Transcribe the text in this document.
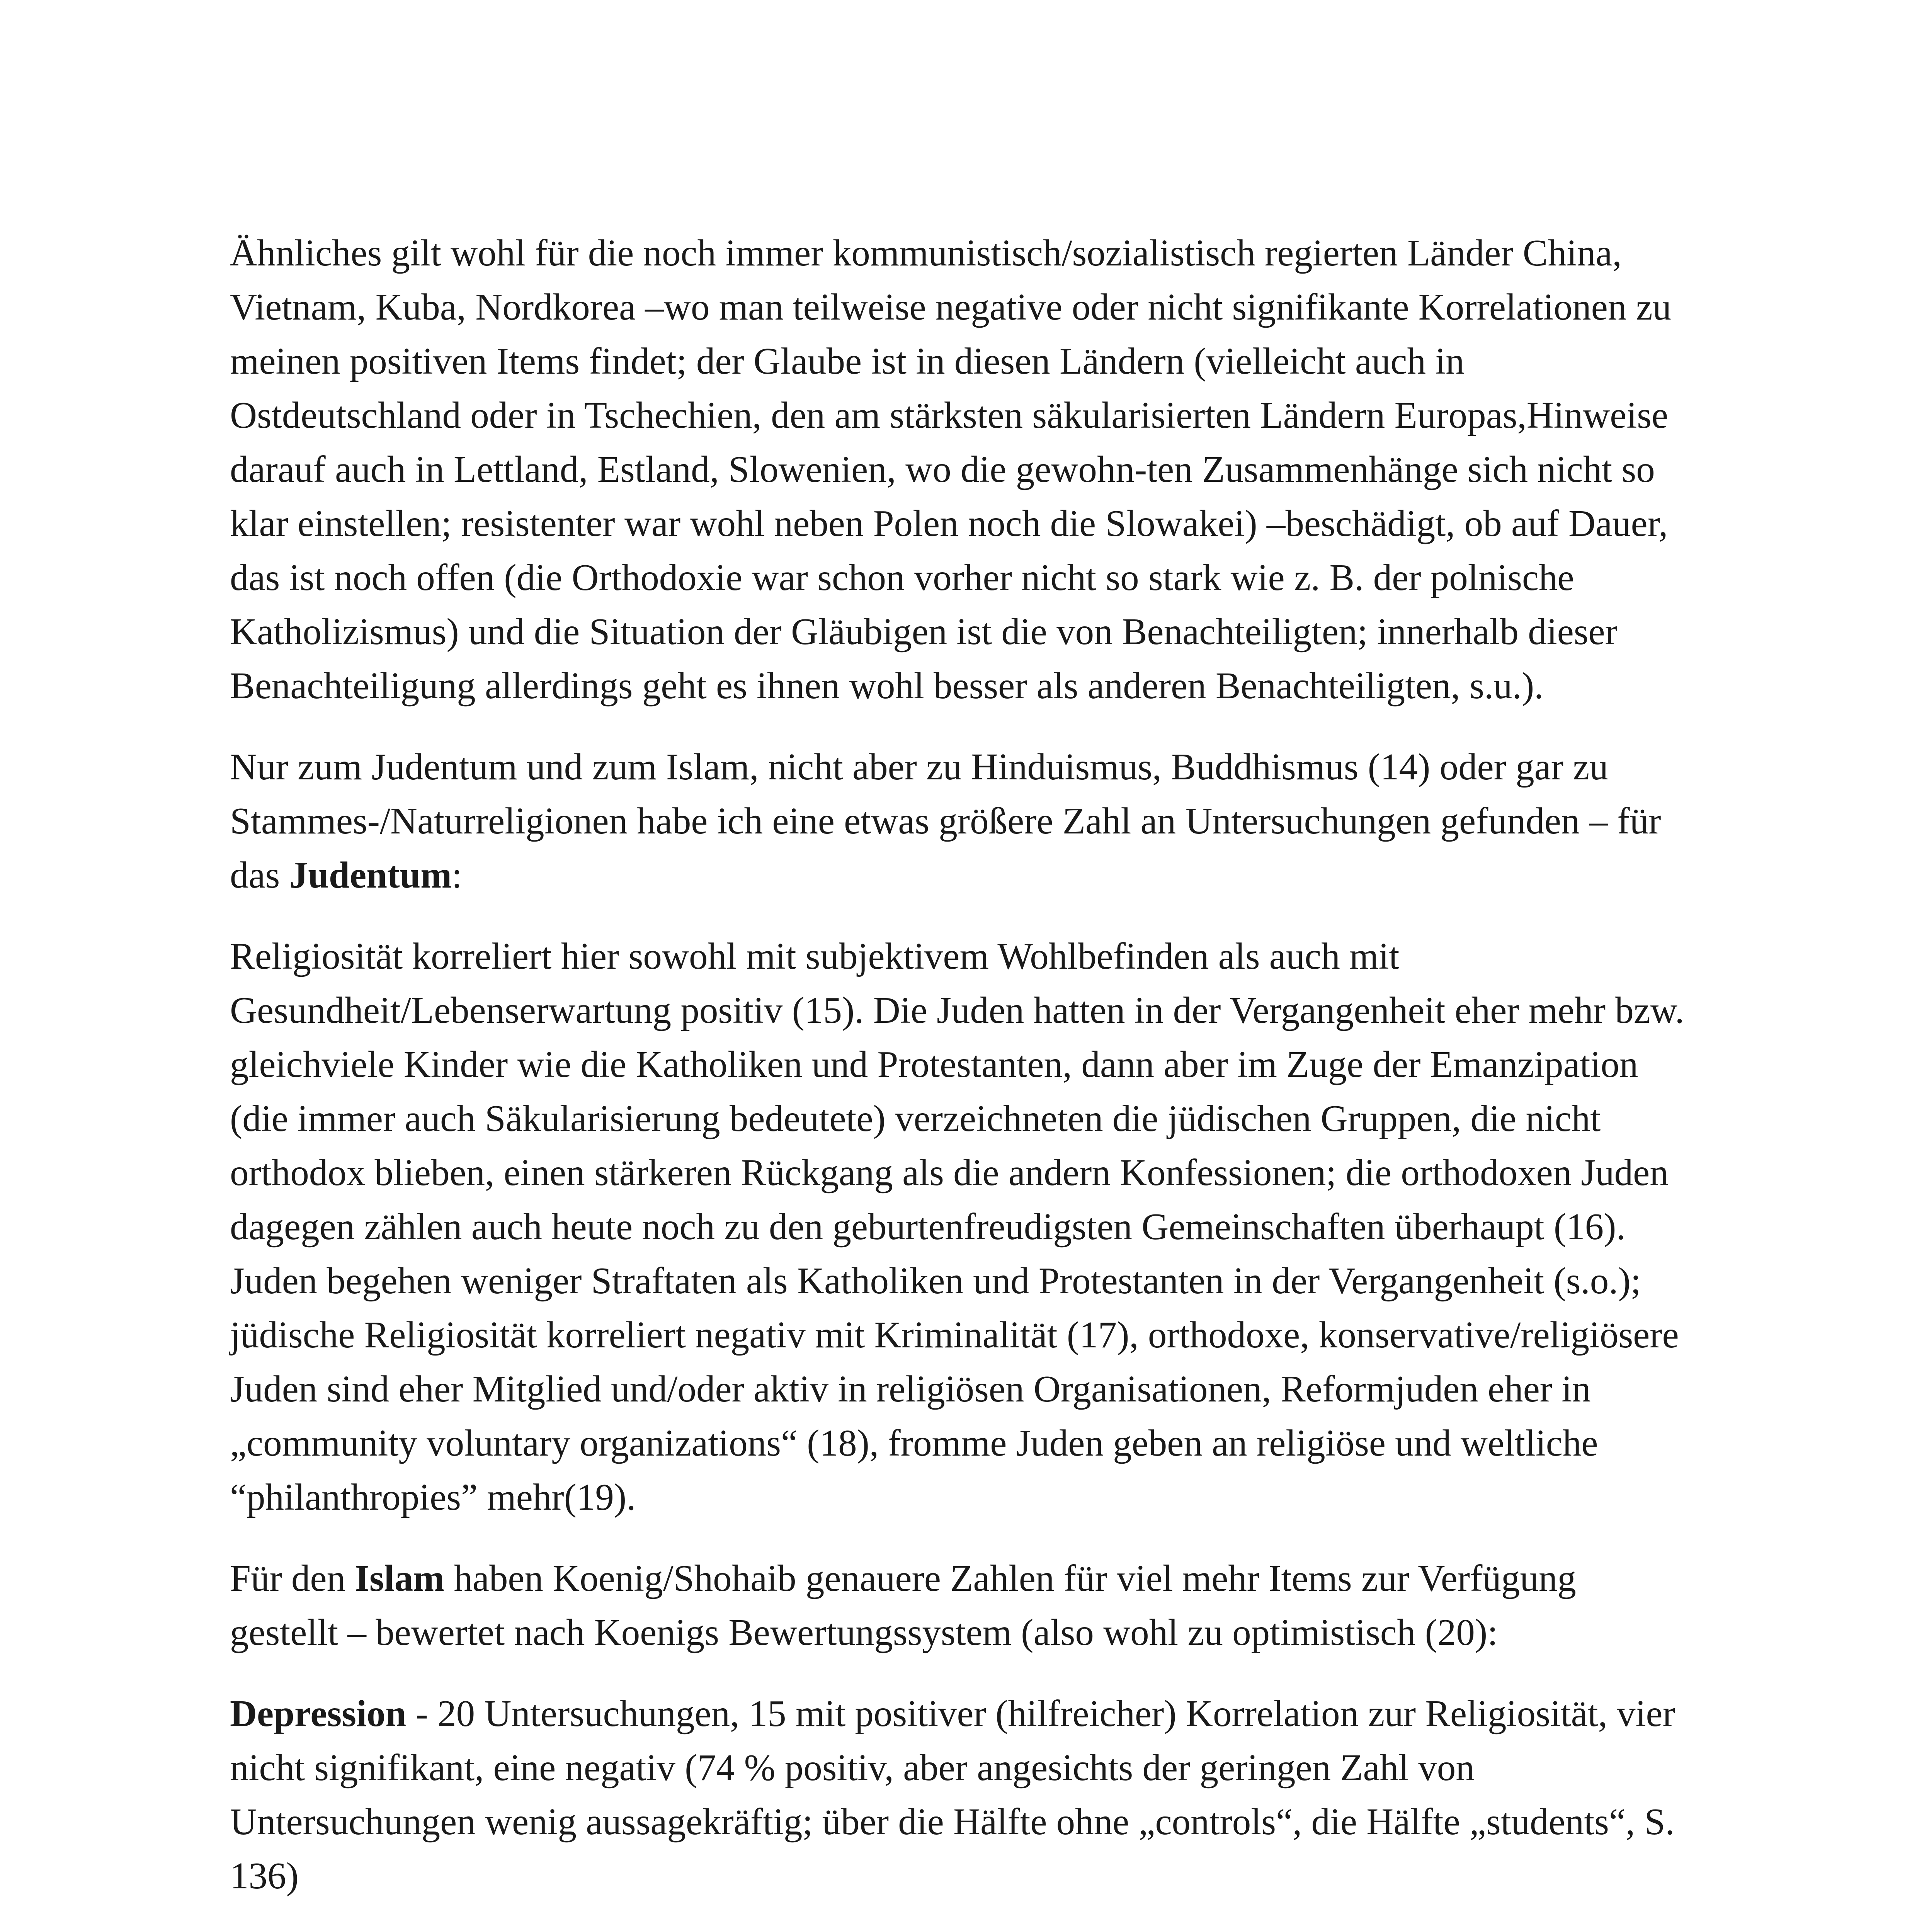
Ähnliches gilt wohl für die noch immer kommunistisch/sozialistisch regierten Länder China, Vietnam, Kuba, Nordkorea –wo man teilweise negative oder nicht signifikante Korrelationen zu meinen positiven Items findet; der Glaube ist in diesen Ländern (vielleicht auch in Ostdeutschland oder in Tschechien, den am stärksten säkularisierten Ländern Europas,Hinweise darauf auch in Lettland, Estland, Slowenien, wo die gewohn-ten Zusammenhänge sich nicht so klar einstellen; resistenter war wohl neben Polen noch die Slowakei) –beschädigt, ob auf Dauer, das ist noch offen (die Orthodoxie war schon vorher nicht so stark wie z. B. der polnische Katholizismus) und die Situation der Gläubigen ist die von Benachteiligten; innerhalb dieser Benachteiligung allerdings geht es ihnen wohl besser als anderen Benachteiligten, s.u.).

Nur zum Judentum und zum Islam, nicht aber zu Hinduismus, Buddhismus (14) oder gar zu Stammes-/Naturreligionen habe ich eine etwas größere Zahl an Untersuchungen gefunden – für das Judentum:

Religiosität korreliert hier sowohl mit subjektivem Wohlbefinden als auch mit Gesundheit/Lebenserwartung positiv (15). Die Juden hatten in der Vergangenheit eher mehr bzw. gleichviele Kinder wie die Katholiken und Protestanten, dann aber im Zuge der Emanzipation (die immer auch Säkularisierung bedeutete) verzeichneten die jüdischen Gruppen, die nicht orthodox blieben, einen stärkeren Rückgang als die andern Konfessionen; die orthodoxen Juden dagegen zählen auch heute noch zu den geburtenfreudigsten Gemeinschaften überhaupt (16). Juden begehen weniger Straftaten als Katholiken und Protestanten in der Vergangenheit (s.o.); jüdische Religiosität korreliert negativ mit Kriminalität (17), orthodoxe, konservative/religiösere Juden sind eher Mitglied und/oder aktiv in religiösen Organisationen, Reformjuden eher in „community voluntary organizations“ (18), fromme Juden geben an religiöse und weltliche “philanthropies” mehr(19).

Für den Islam haben Koenig/Shohaib genauere Zahlen für viel mehr Items zur Verfügung gestellt – bewertet nach Koenigs Bewertungssystem (also wohl zu optimistisch (20):

Depression - 20 Untersuchungen, 15 mit positiver (hilfreicher) Korrelation zur Religiosität, vier nicht signifikant, eine negativ (74 % positiv, aber angesichts der geringen Zahl von Untersuchungen wenig aussagekräftig; über die Hälfte ohne „controls“, die Hälfte „students“, S. 136)
